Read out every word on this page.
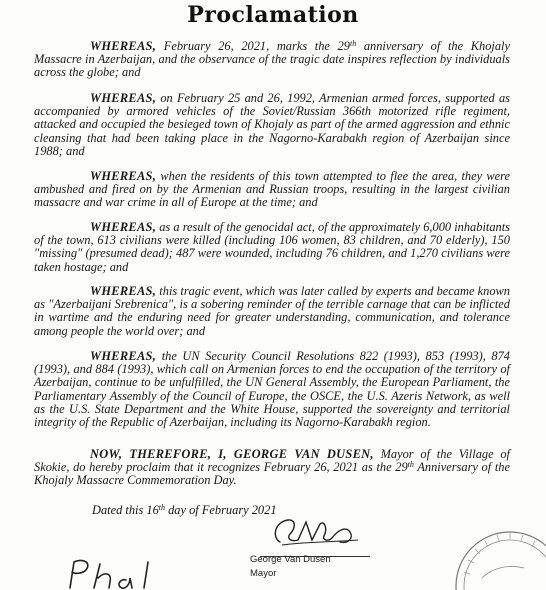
Proclamation
WHEREAS, February 26, 2021, marks the 29th anniversary of the Khojaly Massacre in Azerbaijan, and the observance of the tragic date inspires reflection by individuals across the globe; and
WHEREAS, on February 25 and 26, 1992, Armenian armed forces, supported as accompanied by armored vehicles of the Soviet/Russian 366th motorized rifle regiment, attacked and occupied the besieged town of Khojaly as part of the armed aggression and ethnic cleansing that had been taking place in the Nagorno-Karabakh region of Azerbaijan since 1988; and
WHEREAS, when the residents of this town attempted to flee the area, they were ambushed and fired on by the Armenian and Russian troops, resulting in the largest civilian massacre and war crime in all of Europe at the time; and
WHEREAS, as a result of the genocidal act, of the approximately 6,000 inhabitants of the town, 613 civilians were killed (including 106 women, 83 children, and 70 elderly), 150 "missing" (presumed dead); 487 were wounded, including 76 children, and 1,270 civilians were taken hostage; and
WHEREAS, this tragic event, which was later called by experts and became known as "Azerbaijani Srebrenica", is a sobering reminder of the terrible carnage that can be inflicted in wartime and the enduring need for greater understanding, communication, and tolerance among people the world over; and
WHEREAS, the UN Security Council Resolutions 822 (1993), 853 (1993), 874 (1993), and 884 (1993), which call on Armenian forces to end the occupation of the territory of Azerbaijan, continue to be unfulfilled, the UN General Assembly, the European Parliament, the Parliamentary Assembly of the Council of Europe, the OSCE, the U.S. Azeris Network, as well as the U.S. State Department and the White House, supported the sovereignty and territorial integrity of the Republic of Azerbaijan, including its Nagorno-Karabakh region.
NOW, THEREFORE, I, GEORGE VAN DUSEN, Mayor of the Village of Skokie, do hereby proclaim that it recognizes February 26, 2021 as the 29th Anniversary of the Khojaly Massacre Commemoration Day.
Dated this 16th day of February 2021
George Van Dusen
Mayor
